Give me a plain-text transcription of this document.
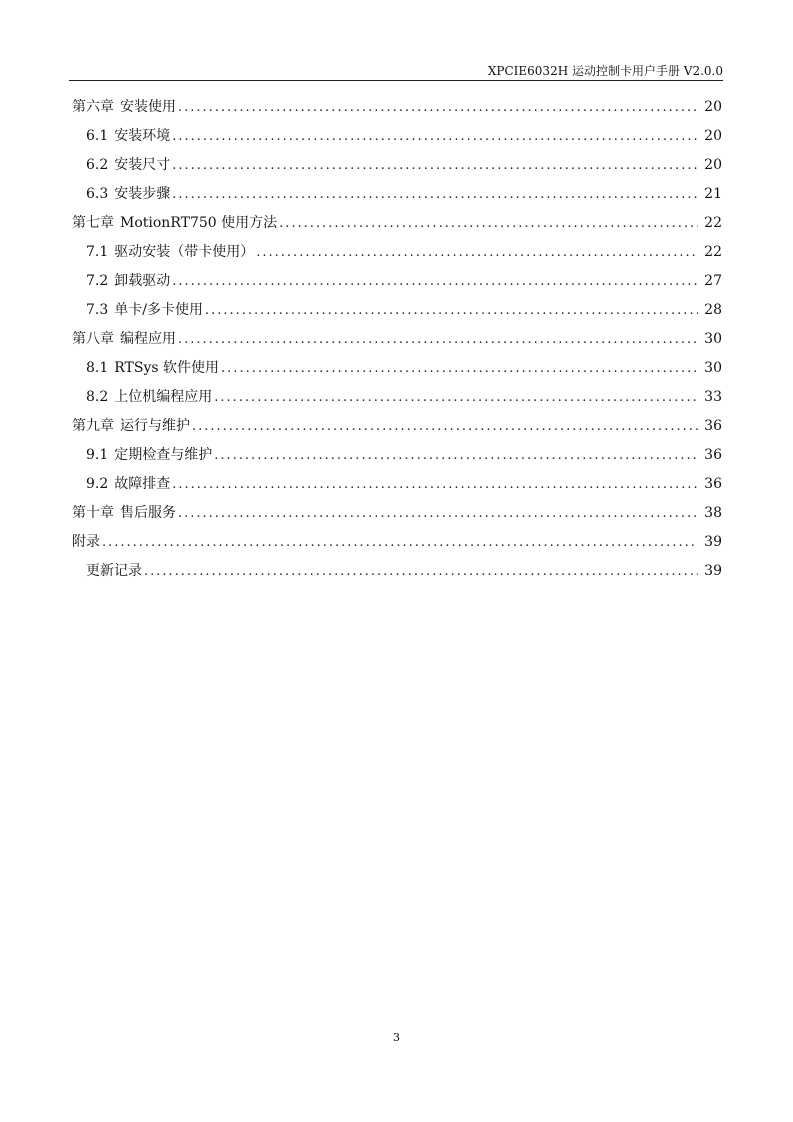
XPCIE6032H 运动控制卡用户手册 V2.0.0
第六章 安装使用 .....	20
6.1 安装环境 .....	20
6.2 安装尺寸 .....	20
6.3 安装步骤 .....	21
第七章 MotionRT750 使用方法 .....	22
7.1 驱动安装（带卡使用） .....	22
7.2 卸载驱动 .....	27
7.3 单卡/多卡使用 .....	28
第八章 编程应用 .....	30
8.1 RTSys 软件使用 .....	30
8.2 上位机编程应用 .....	33
第九章 运行与维护 .....	36
9.1 定期检查与维护 .....	36
9.2 故障排查 .....	36
第十章 售后服务 .....	38
附录 .....	39
更新记录 .....	39
3
